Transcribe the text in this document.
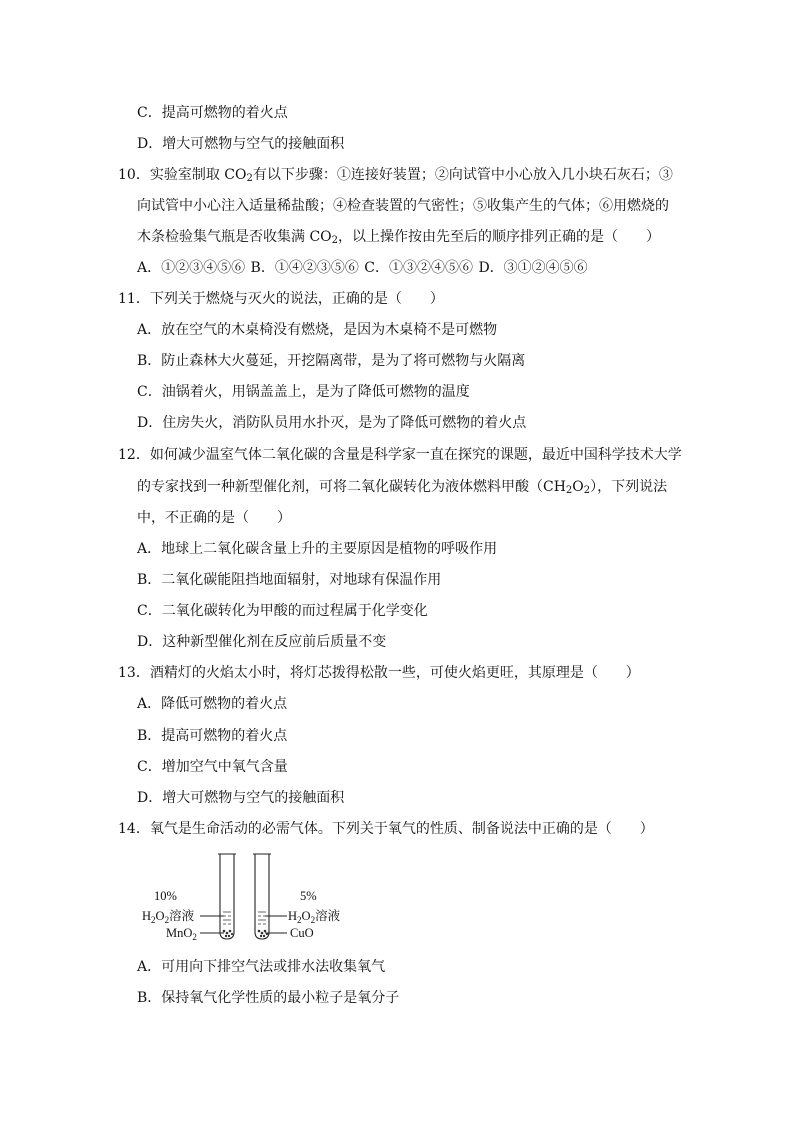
C．提高可燃物的着火点
D．增大可燃物与空气的接触面积
10．实验室制取 $CO_2$有以下步骤：①连接好装置；②向试管中小心放入几小块石灰石；③
向试管中小心注入适量稀盐酸；④检查装置的气密性；⑤收集产生的气体；⑥用燃烧的
木条检验集气瓶是否收集满 $CO_2$，以上操作按由先至后的顺序排列正确的是（　　）
A．①②③④⑤⑥ B．①④②③⑤⑥ C．①③②④⑤⑥ D．③①②④⑤⑥
11．下列关于燃烧与灭火的说法，正确的是（　　）
A．放在空气的木桌椅没有燃烧，是因为木桌椅不是可燃物
B．防止森林大火蔓延，开挖隔离带，是为了将可燃物与火隔离
C．油锅着火，用锅盖盖上，是为了降低可燃物的温度
D．住房失火，消防队员用水扑灭，是为了降低可燃物的着火点
12．如何减少温室气体二氧化碳的含量是科学家一直在探究的课题，最近中国科学技术大学
的专家找到一种新型催化剂，可将二氧化碳转化为液体燃料甲酸$(CH_2O_2)$，下列说法
中，不正确的是（　　）
A．地球上二氧化碳含量上升的主要原因是植物的呼吸作用
B．二氧化碳能阻挡地面辐射，对地球有保温作用
C．二氧化碳转化为甲酸的而过程属于化学变化
D．这种新型催化剂在反应前后质量不变
13．酒精灯的火焰太小时，将灯芯拨得松散一些，可使火焰更旺，其原理是（　　）
A．降低可燃物的着火点
B．提高可燃物的着火点
C．增加空气中氧气含量
D．增大可燃物与空气的接触面积
14．氧气是生命活动的必需气体。下列关于氧气的性质、制备说法中正确的是（　　）
10%
$H_2O_2$溶液
MnO$_2$
5%
$H_2O_2$溶液
CuO
A．可用向下排空气法或排水法收集氧气
B．保持氧气化学性质的最小粒子是氧分子
